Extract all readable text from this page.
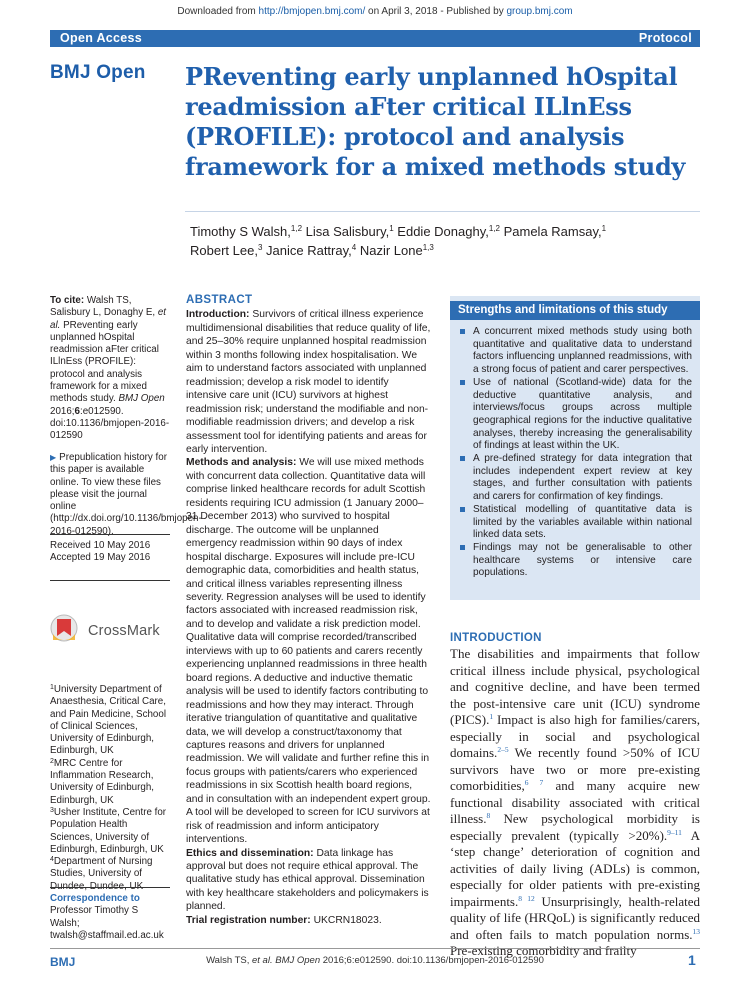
Downloaded from http://bmjopen.bmj.com/ on April 3, 2018 - Published by group.bmj.com
Open Access	Protocol
BMJ Open PReventing early unplanned hOspital readmission aFter critical ILlnEss (PROFILE): protocol and analysis framework for a mixed methods study
Timothy S Walsh,$^{1,2}$ Lisa Salisbury,$^1$ Eddie Donaghy,$^{1,2}$ Pamela Ramsay,$^1$
Robert Lee,$^3$ Janice Rattray,$^4$ Nazir Lone$^{1,3}$
To cite: Walsh TS, Salisbury L, Donaghy E, et al. PReventing early unplanned hOspital readmission aFter critical ILlnEss (PROFILE): protocol and analysis framework for a mixed methods study. BMJ Open 2016;6:e012590. doi:10.1136/bmjopen-2016-012590
▶ Prepublication history for this paper is available online. To view these files please visit the journal online (http://dx.doi.org/10.1136/bmjopen-2016-012590).
Received 10 May 2016
Accepted 19 May 2016
CrossMark
$^1$University Department of Anaesthesia, Critical Care, and Pain Medicine, School of Clinical Sciences, University of Edinburgh, Edinburgh, UK
$^2$MRC Centre for Inflammation Research, University of Edinburgh, Edinburgh, UK
$^3$Usher Institute, Centre for Population Health Sciences, University of Edinburgh, Edinburgh, UK
$^4$Department of Nursing Studies, University of Dundee, Dundee, UK
Correspondence to
Professor Timothy S Walsh;
twalsh@staffmail.ed.ac.uk
ABSTRACT

Introduction: Survivors of critical illness experience multidimensional disabilities that reduce quality of life, and 25–30% require unplanned hospital readmission within 3 months following index hospitalisation. We aim to understand factors associated with unplanned readmission; develop a risk model to identify intensive care unit (ICU) survivors at highest readmission risk; understand the modifiable and non-modifiable readmission drivers; and develop a risk assessment tool for identifying patients and areas for early intervention.

Methods and analysis: We will use mixed methods with concurrent data collection. Quantitative data will comprise linked healthcare records for adult Scottish residents requiring ICU admission (1 January 2000–31 December 2013) who survived to hospital discharge. The outcome will be unplanned emergency readmission within 90 days of index hospital discharge. Exposures will include pre-ICU demographic data, comorbidities and health status, and critical illness variables representing illness severity. Regression analyses will be used to identify factors associated with increased readmission risk, and to develop and validate a risk prediction model. Qualitative data will comprise recorded/transcribed interviews with up to 60 patients and carers recently experiencing unplanned readmissions in three health board regions. A deductive and inductive thematic analysis will be used to identify factors contributing to readmissions and how they may interact. Through iterative triangulation of quantitative and qualitative data, we will develop a construct/taxonomy that captures reasons and drivers for unplanned readmission. We will validate and further refine this in focus groups with patients/carers who experienced readmissions in six Scottish health board regions, and in consultation with an independent expert group. A tool will be developed to screen for ICU survivors at risk of readmission and inform anticipatory interventions.

Ethics and dissemination: Data linkage has approval but does not require ethical approval. The qualitative study has ethical approval. Dissemination with key healthcare stakeholders and policymakers is planned.

Trial registration number: UKCRN18023.

Strengths and limitations of this study
A concurrent mixed methods study using both quantitative and qualitative data to understand factors influencing unplanned readmissions, with a strong focus of patient and carer perspectives.
Use of national (Scotland-wide) data for the deductive quantitative analysis, and interviews/focus groups across multiple geographical regions for the inductive qualitative analyses, thereby increasing the generalisability of findings at least within the UK.
A pre-defined strategy for data integration that includes independent expert review at key stages, and further consultation with patients and carers for confirmation of key findings.
Statistical modelling of quantitative data is limited by the variables available within national linked data sets.
Findings may not be generalisable to other healthcare systems or intensive care populations.
INTRODUCTION
The disabilities and impairments that follow critical illness include physical, psychological and cognitive decline, and have been termed the post-intensive care unit (ICU) syndrome (PICS).$^1$ Impact is also high for families/carers, especially in social and psychological domains.$^{2-5}$ We recently found >50% of ICU survivors have two or more pre-existing comorbidities,$^{6 7}$ and many acquire new functional disability associated with critical illness.$^8$ New psychological morbidity is especially prevalent (typically >20%).$^{9-11}$ A ‘step change’ deterioration of cognition and activities of daily living (ADLs) is common, especially for older patients with pre-existing impairments.$^{8 12}$ Unsurprisingly, health-related quality of life (HRQoL) is significantly reduced and often fails to match population norms.$^{13}$ Pre-existing comorbidity and frailty
BMJ	Walsh TS, et al. BMJ Open 2016;6:e012590. doi:10.1136/bmjopen-2016-012590	1
